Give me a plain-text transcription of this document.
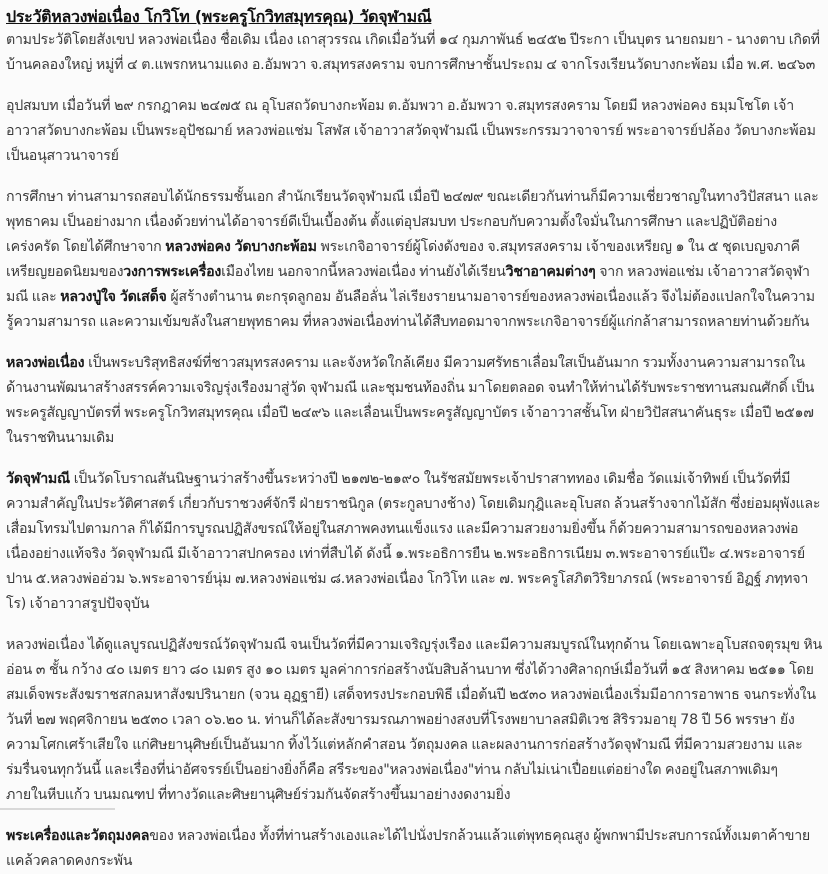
ประวัติหลวงพ่อเนื่อง โกวิโท (พระครูโกวิทสมุทรคุณ) วัดจุฬามณี

ตามประวัติโดยสังเขป หลวงพ่อเนื่อง ชื่อเดิม เนื่อง เถาสุวรรณ เกิดเมื่อวันที่ ๑๔ กุมภาพันธ์ ๒๔๕๒ ปีระกา เป็นบุตร นายถมยา - นางตาบ เกิดที่บ้านคลองใหญ่ หมู่ที่ ๔ ต.แพรกหนามแดง อ.อัมพวา จ.สมุทรสงคราม จบการศึกษาชั้นประถม ๔ จากโรงเรียนวัดบางกะพ้อม เมื่อ พ.ศ. ๒๔๖๓

อุปสมบท เมื่อวันที่ ๒๙ กรกฎาคม ๒๔๗๕ ณ อุโบสถวัดบางกะพ้อม ต.อัมพวา อ.อัมพวา จ.สมุทรสงคราม โดยมี หลวงพ่อคง ธมฺมโชโต เจ้าอาวาสวัดบางกะพ้อม เป็นพระอุปัชฌาย์ หลวงพ่อแช่ม โสฬส เจ้าอาวาสวัดจุฬามณี เป็นพระกรรมวาจาจารย์ พระอาจารย์ปล้อง วัดบางกะพ้อม เป็นอนุสาวนาจารย์

การศึกษา ท่านสามารถสอบได้นักธรรมชั้นเอก สำนักเรียนวัดจุฬามณี เมื่อปี ๒๔๗๙ ขณะเดียวกันท่านก็มีความเชี่ยวชาญในทางวิปัสสนา และพุทธาคม เป็นอย่างมาก เนื่องด้วยท่านได้อาจารย์ดีเป็นเบื้องต้น ตั้งแต่อุปสมบท ประกอบกับความตั้งใจมั่นในการศึกษา และปฏิบัติอย่างเคร่งครัด โดยได้ศึกษาจาก หลวงพ่อคง วัดบางกะพ้อม พระเกจิอาจารย์ผู้โด่งดังของ จ.สมุทรสงคราม เจ้าของเหรียญ ๑ ใน ๕ ชุดเบญจภาคีเหรียญยอดนิยมของวงการพระเครื่องเมืองไทย นอกจากนี้หลวงพ่อเนื่อง ท่านยังได้เรียนวิชาอาคมต่างๆ จาก หลวงพ่อแช่ม เจ้าอาวาสวัดจุฬามณี และ หลวงปู่ใจ วัดเสด็จ ผู้สร้างตำนาน ตะกรุดลูกอม อันลือลั่น ไล่เรียงรายนามอาจารย์ของหลวงพ่อเนื่องแล้ว จึงไม่ต้องแปลกใจในความรู้ความสามารถ และความเข้มขลังในสายพุทธาคม ที่หลวงพ่อเนื่องท่านได้สืบทอดมาจากพระเกจิอาจารย์ผู้แก่กล้าสามารถหลายท่านด้วยกัน

หลวงพ่อเนื่อง เป็นพระบริสุทธิสงฆ์ที่ชาวสมุทรสงคราม และจังหวัดใกล้เคียง มีความศรัทธาเลื่อมใสเป็นอันมาก รวมทั้งงานความสามารถในด้านงานพัฒนาสร้างสรรค์ความเจริญรุ่งเรืองมาสู่วัด จุฬามณี และชุมชนท้องถิ่น มาโดยตลอด จนทำให้ท่านได้รับพระราชทานสมณศักดิ์ เป็นพระครูสัญญาบัตรที่ พระครูโกวิทสมุทรคุณ เมื่อปี ๒๔๙๖ และเลื่อนเป็นพระครูสัญญาบัตร เจ้าอาวาสชั้นโท ฝ่ายวิปัสสนาคันธุระ เมื่อปี ๒๕๑๗ ในราชทินนามเดิม

วัดจุฬามณี เป็นวัดโบราณสันนิษฐานว่าสร้างขึ้นระหว่างปี ๒๑๗๒-๒๑๙๐ ในรัชสมัยพระเจ้าปราสาททอง เดิมชื่อ วัดแม่เจ้าทิพย์ เป็นวัดที่มีความสำคัญในประวัติศาสตร์ เกี่ยวกับราชวงศ์จักรี ฝ่ายราชนิกูล (ตระกูลบางช้าง) โดยเดิมกุฎิและอุโบสถ ล้วนสร้างจากไม้สัก ซึ่งย่อมผุพังและเสื่อมโทรมไปตามกาล ก็ได้มีการบูรณปฏิสังขรณ์ให้อยู่ในสภาพคงทนแข็งแรง และมีความสวยงามยิ่งขึ้น ก็ด้วยความสามารถของหลวงพ่อเนื่องอย่างแท้จริง วัดจุฬามณี มีเจ้าอาวาสปกครอง เท่าที่สืบได้ ดังนี้ ๑.พระอธิการยืน ๒.พระอธิการเนียม ๓.พระอาจารย์แป๊ะ ๔.พระอาจารย์ปาน ๕.หลวงพ่ออ่วม ๖.พระอาจารย์นุ่ม ๗.หลวงพ่อแช่ม ๘.หลวงพ่อเนื่อง โกวิโท และ ๗. พระครูโสภิตวิริยาภรณ์ (พระอาจารย์ อิฏฐ์ ภทฺทจาโร) เจ้าอาวาสรูปปัจจุบัน

หลวงพ่อเนื่อง ได้ดูแลบูรณปฏิสังขรณ์วัดจุฬามณี จนเป็นวัดที่มีความเจริญรุ่งเรือง และมีความสมบูรณ์ในทุกด้าน โดยเฉพาะอุโบสถจตุรมุข หินอ่อน ๓ ชั้น กว้าง ๔๐ เมตร ยาว ๘๐ เมตร สูง ๑๐ เมตร มูลค่าการก่อสร้างนับสิบล้านบาท ซึ่งได้วางศิลาฤกษ์เมื่อวันที่ ๑๕ สิงหาคม ๒๕๑๑ โดย สมเด็จพระสังฆราชสกลมหาสังฆปรินายก (จวน อุฏฐายี) เสด็จทรงประกอบพิธี เมื่อต้นปี ๒๕๓๐ หลวงพ่อเนื่องเริ่มมีอาการอาพาธ จนกระทั่งในวันที่ ๒๗ พฤศจิกายน ๒๕๓๐ เวลา ๐๖.๒๐ น. ท่านก็ได้ละสังขารมรณภาพอย่างสงบที่โรงพยาบาลสมิติเวช สิริรวมอายุ 78 ปี 56 พรรษา ยังความโศกเศร้าเสียใจ แก่ศิษยานุศิษย์เป็นอันมาก ทิ้งไว้แต่หลักคำสอน วัตถุมงคล และผลงานการก่อสร้างวัดจุฬามณี ที่มีความสวยงาม และร่มรื่นจนทุกวันนี้ และเรื่องที่น่าอัศจรรย์เป็นอย่างยิ่งก็คือ สรีระของ"หลวงพ่อเนื่อง"ท่าน กลับไม่เน่าเปื่อยแต่อย่างใด คงอยู่ในสภาพเดิมๆ ภายในหีบแก้ว บนมณฑป ที่ทางวัดและศิษยานุศิษย์ร่วมกันจัดสร้างขึ้นมาอย่างงดงามยิ่ง

พระเครื่องและวัตถุมงคลของ หลวงพ่อเนื่อง ทั้งที่ท่านสร้างเองและได้ไปนั่งปรกล้วนแล้วแต่พุทธคุณสูง ผู้พกพามีประสบการณ์ทั้งเมตาค้าขาย แคล้วคลาดคงกระพัน
